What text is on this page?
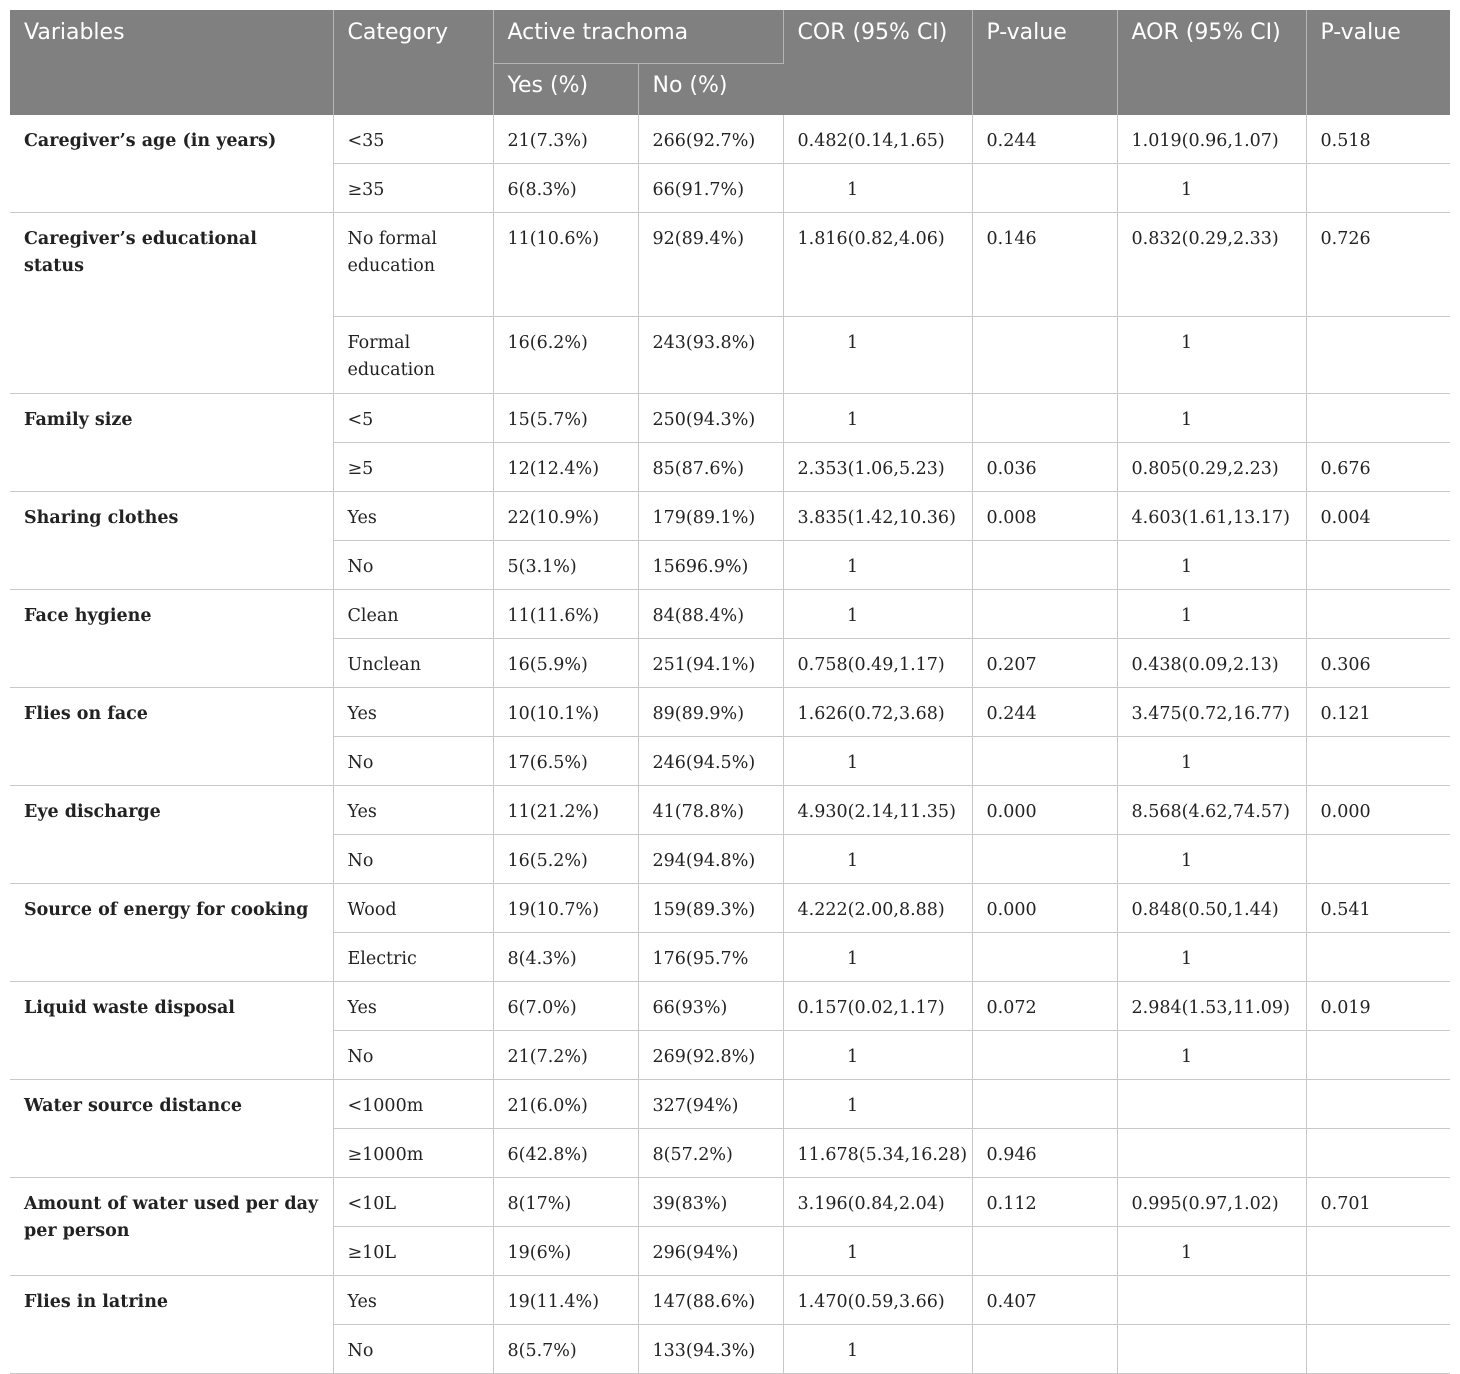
Variables	Category	Active trachoma		COR (95% CI)	P-value	AOR (95% CI)	P-value
		Yes (%)	No (%)				
Caregiver’s age (in years)	<35	21(7.3%)	266(92.7%)	0.482(0.14,1.65)	0.244	1.019(0.96,1.07)	0.518
	≥35	6(8.3%)	66(91.7%)	1		1	
Caregiver’s educational status	No formal education	11(10.6%)	92(89.4%)	1.816(0.82,4.06)	0.146	0.832(0.29,2.33)	0.726
	Formal education	16(6.2%)	243(93.8%)	1		1	
Family size	<5	15(5.7%)	250(94.3%)	1		1	
	≥5	12(12.4%)	85(87.6%)	2.353(1.06,5.23)	0.036	0.805(0.29,2.23)	0.676
Sharing clothes	Yes	22(10.9%)	179(89.1%)	3.835(1.42,10.36)	0.008	4.603(1.61,13.17)	0.004
	No	5(3.1%)	15696.9%)	1		1	
Face hygiene	Clean	11(11.6%)	84(88.4%)	1		1	
	Unclean	16(5.9%)	251(94.1%)	0.758(0.49,1.17)	0.207	0.438(0.09,2.13)	0.306
Flies on face	Yes	10(10.1%)	89(89.9%)	1.626(0.72,3.68)	0.244	3.475(0.72,16.77)	0.121
	No	17(6.5%)	246(94.5%)	1		1	
Eye discharge	Yes	11(21.2%)	41(78.8%)	4.930(2.14,11.35)	0.000	8.568(4.62,74.57)	0.000
	No	16(5.2%)	294(94.8%)	1		1	
Source of energy for cooking	Wood	19(10.7%)	159(89.3%)	4.222(2.00,8.88)	0.000	0.848(0.50,1.44)	0.541
	Electric	8(4.3%)	176(95.7%	1		1	
Liquid waste disposal	Yes	6(7.0%)	66(93%)	0.157(0.02,1.17)	0.072	2.984(1.53,11.09)	0.019
	No	21(7.2%)	269(92.8%)	1		1	
Water source distance	<1000m	21(6.0%)	327(94%)	1			
	≥1000m	6(42.8%)	8(57.2%)	11.678(5.34,16.28)	0.946		
Amount of water used per day per person	<10L	8(17%)	39(83%)	3.196(0.84,2.04)	0.112	0.995(0.97,1.02)	0.701
	≥10L	19(6%)	296(94%)	1		1	
Flies in latrine	Yes	19(11.4%)	147(88.6%)	1.470(0.59,3.66)	0.407		
	No	8(5.7%)	133(94.3%)	1			
